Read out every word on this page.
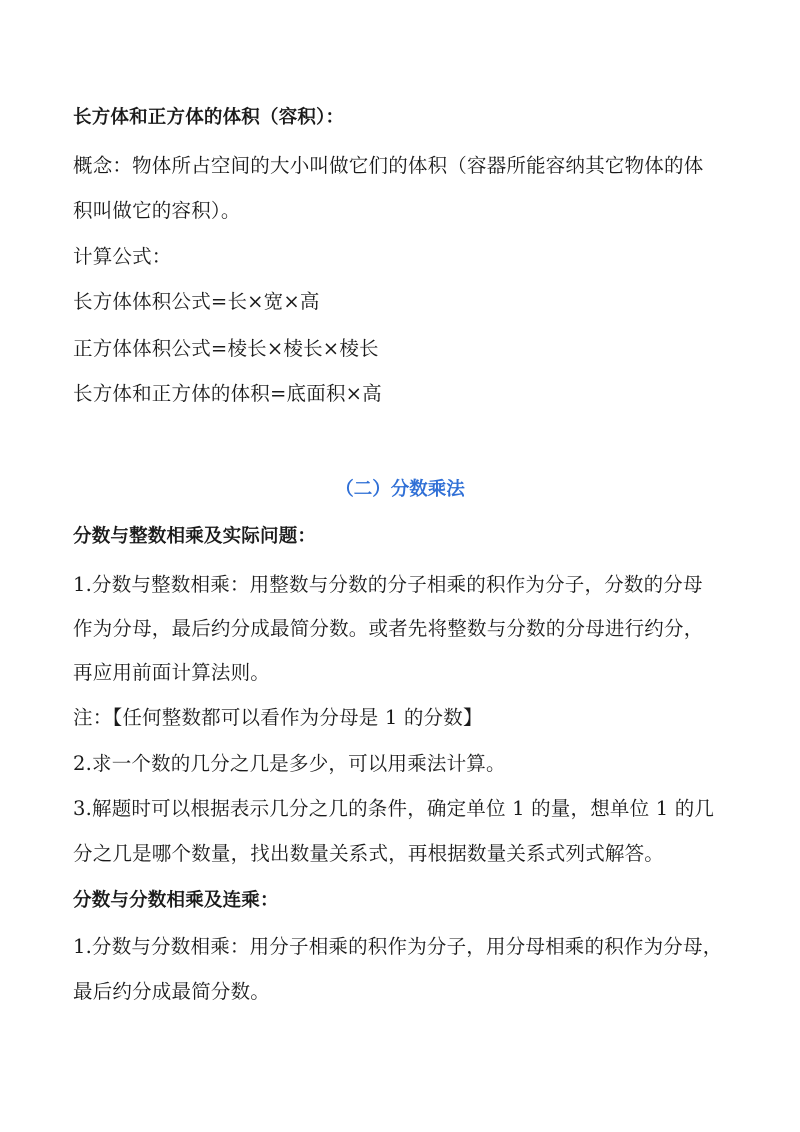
长方体和正方体的体积（容积）：
概念：物体所占空间的大小叫做它们的体积（容器所能容纳其它物体的体
积叫做它的容积）。
计算公式：
长方体体积公式=长×宽×高
正方体体积公式=棱长×棱长×棱长
长方体和正方体的体积=底面积×高
（二）分数乘法
分数与整数相乘及实际问题：
1.分数与整数相乘：用整数与分数的分子相乘的积作为分子，分数的分母
作为分母，最后约分成最简分数。或者先将整数与分数的分母进行约分，
再应用前面计算法则。
注：【任何整数都可以看作为分母是 1 的分数】
2.求一个数的几分之几是多少，可以用乘法计算。
3.解题时可以根据表示几分之几的条件，确定单位 1 的量，想单位 1 的几
分之几是哪个数量，找出数量关系式，再根据数量关系式列式解答。
分数与分数相乘及连乘：
1.分数与分数相乘：用分子相乘的积作为分子，用分母相乘的积作为分母，
最后约分成最简分数。
